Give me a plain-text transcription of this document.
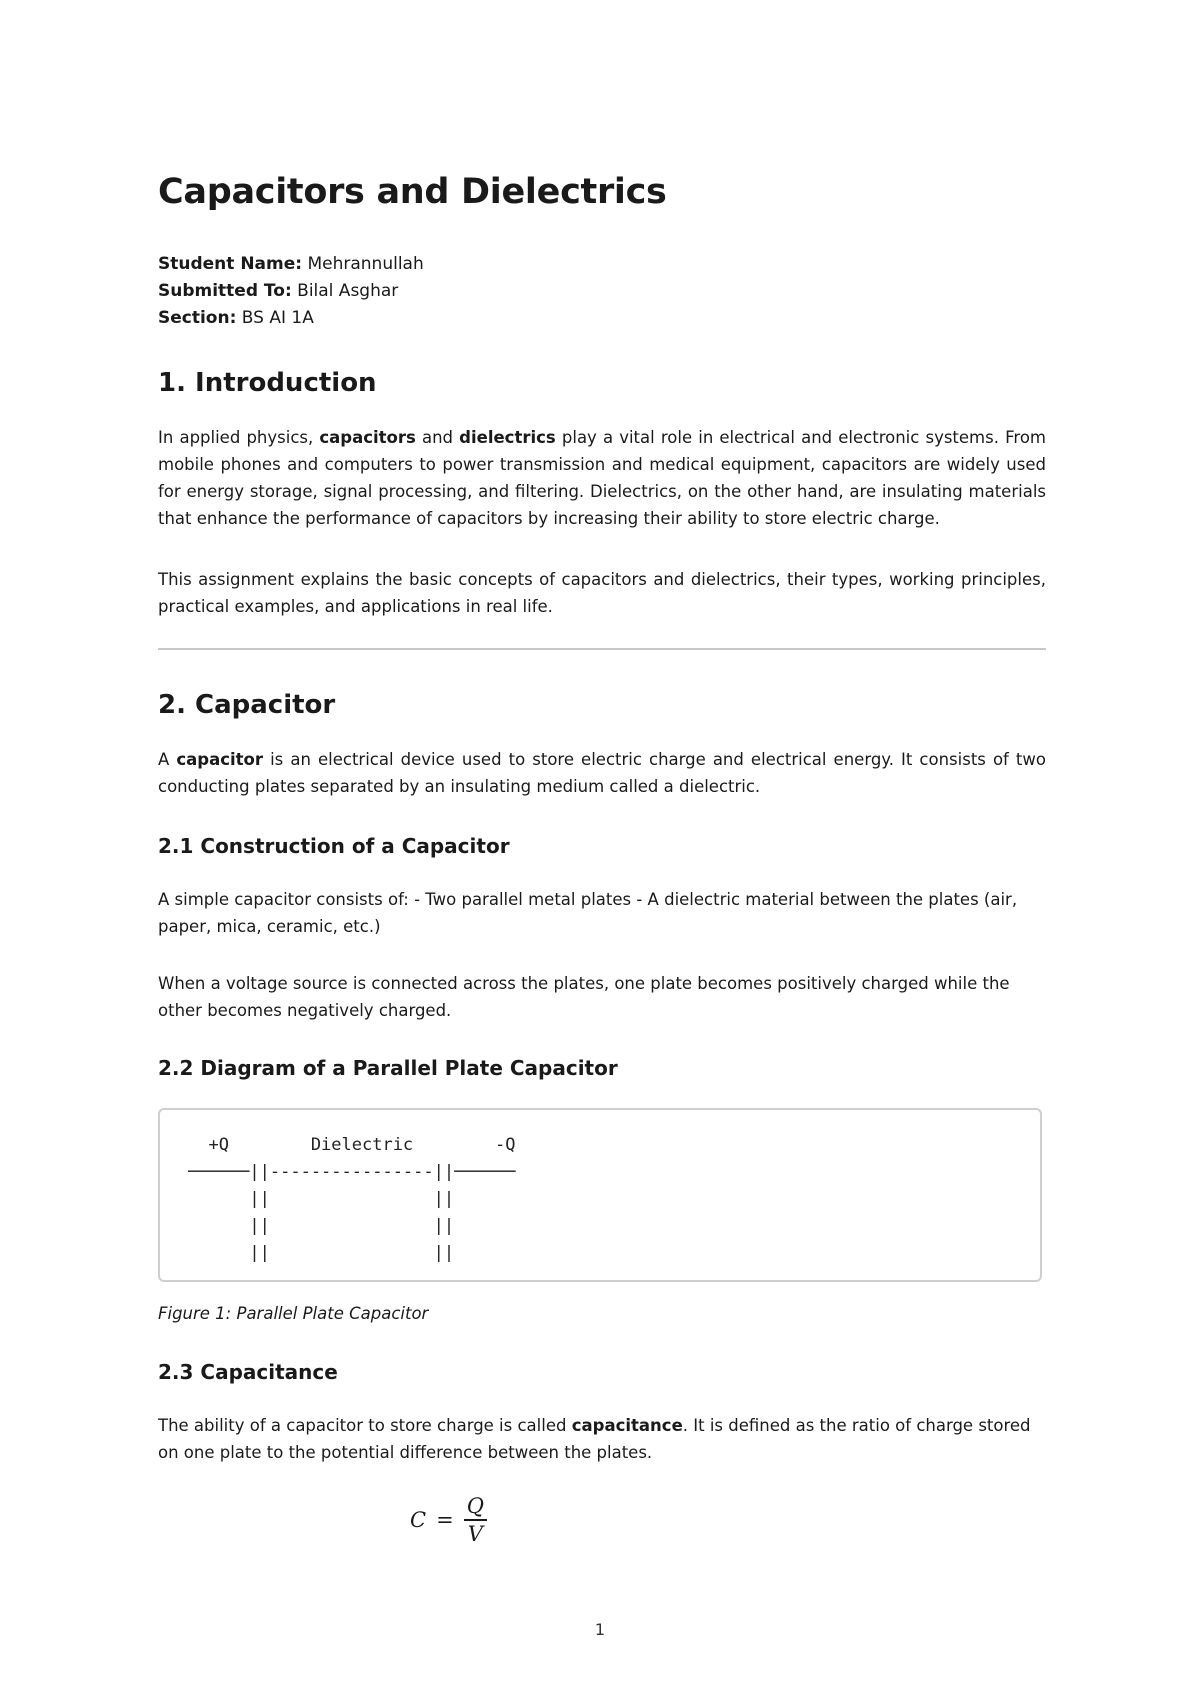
Capacitors and Dielectrics
Student Name: Mehrannullah
Submitted To: Bilal Asghar
Section: BS AI 1A
1. Introduction

In applied physics, capacitors and dielectrics play a vital role in electrical and electronic systems. From mobile phones and computers to power transmission and medical equipment, capacitors are widely used for energy storage, signal processing, and filtering. Dielectrics, on the other hand, are insulating materials that enhance the performance of capacitors by increasing their ability to store electric charge.

This assignment explains the basic concepts of capacitors and dielectrics, their types, working principles, practical examples, and applications in real life.

2. Capacitor

A capacitor is an electrical device used to store electric charge and electrical energy. It consists of two conducting plates separated by an insulating medium called a dielectric.

2.1 Construction of a Capacitor

A simple capacitor consists of: - Two parallel metal plates - A dielectric material between the plates (air, paper, mica, ceramic, etc.)

When a voltage source is connected across the plates, one plate becomes positively charged while the other becomes negatively charged.

2.2 Diagram of a Parallel Plate Capacitor
+Q        Dielectric        -Q
──────||----------------||──────
||                ||
||                ||
||                ||
Figure 1: Parallel Plate Capacitor
2.3 Capacitance

The ability of a capacitor to store charge is called capacitance. It is defined as the ratio of charge stored on one plate to the potential difference between the plates.

$C = \frac{Q}{V}$
1
